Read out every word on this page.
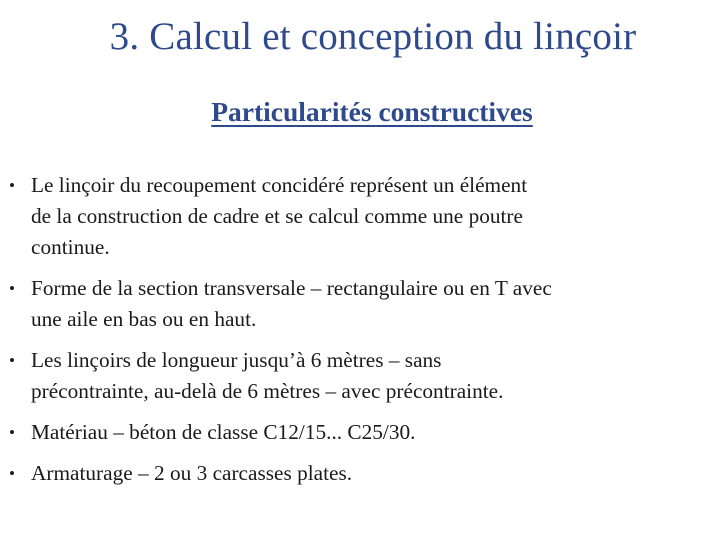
3. Calcul et conception du linçoir
Particularités constructives
• Le linçoir du recoupement concidéré représent un élément
de la construction de cadre et se calcul comme une poutre
continue.
• Forme de la section transversale – rectangulaire ou en T avec
une aile en bas ou en haut.
• Les linçoirs de longueur jusqu’à 6 mètres – sans
précontrainte, au-delà de 6 mètres – avec précontrainte.
• Matériau – béton de classe C12/15... C25/30.
• Armaturage – 2 ou 3 carcasses plates.
